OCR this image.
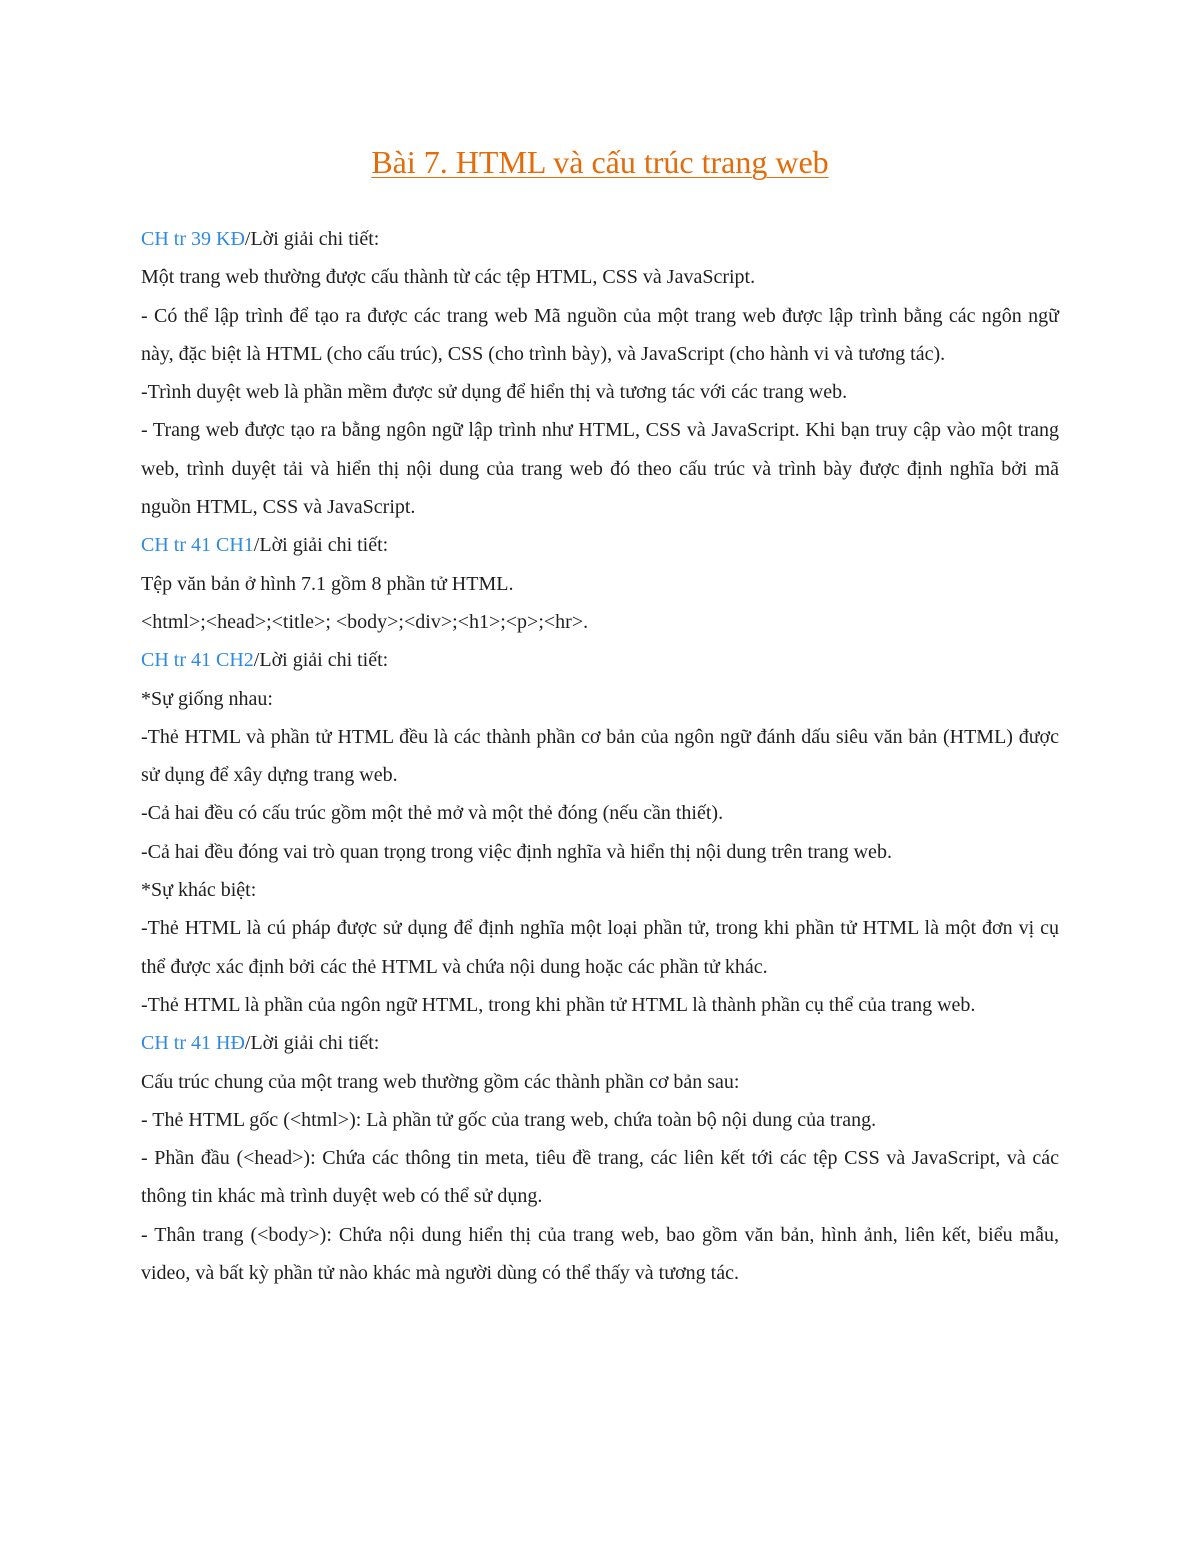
Bài 7. HTML và cấu trúc trang web

CH tr 39 KĐ/Lời giải chi tiết:

Một trang web thường được cấu thành từ các tệp HTML, CSS và JavaScript.

- Có thể lập trình để tạo ra được các trang web Mã nguồn của một trang web được lập trình bằng các ngôn ngữ này, đặc biệt là HTML (cho cấu trúc), CSS (cho trình bày), và JavaScript (cho hành vi và tương tác).

-Trình duyệt web là phần mềm được sử dụng để hiển thị và tương tác với các trang web.

- Trang web được tạo ra bằng ngôn ngữ lập trình như HTML, CSS và JavaScript. Khi bạn truy cập vào một trang web, trình duyệt tải và hiển thị nội dung của trang web đó theo cấu trúc và trình bày được định nghĩa bởi mã nguồn HTML, CSS và JavaScript.

CH tr 41 CH1/Lời giải chi tiết:

Tệp văn bản ở hình 7.1 gồm 8 phần tử HTML.

<html>;<head>;<title>; <body>;<div>;<h1>;<p>;<hr>.

CH tr 41 CH2/Lời giải chi tiết:

*Sự giống nhau:

-Thẻ HTML và phần tử HTML đều là các thành phần cơ bản của ngôn ngữ đánh dấu siêu văn bản (HTML) được sử dụng để xây dựng trang web.

-Cả hai đều có cấu trúc gồm một thẻ mở và một thẻ đóng (nếu cần thiết).

-Cả hai đều đóng vai trò quan trọng trong việc định nghĩa và hiển thị nội dung trên trang web.

*Sự khác biệt:

-Thẻ HTML là cú pháp được sử dụng để định nghĩa một loại phần tử, trong khi phần tử HTML là một đơn vị cụ thể được xác định bởi các thẻ HTML và chứa nội dung hoặc các phần tử khác.

-Thẻ HTML là phần của ngôn ngữ HTML, trong khi phần tử HTML là thành phần cụ thể của trang web.

CH tr 41 HĐ/Lời giải chi tiết:

Cấu trúc chung của một trang web thường gồm các thành phần cơ bản sau:

- Thẻ HTML gốc (<html>): Là phần tử gốc của trang web, chứa toàn bộ nội dung của trang.

- Phần đầu (<head>): Chứa các thông tin meta, tiêu đề trang, các liên kết tới các tệp CSS và JavaScript, và các thông tin khác mà trình duyệt web có thể sử dụng.

- Thân trang (<body>): Chứa nội dung hiển thị của trang web, bao gồm văn bản, hình ảnh, liên kết, biểu mẫu, video, và bất kỳ phần tử nào khác mà người dùng có thể thấy và tương tác.
